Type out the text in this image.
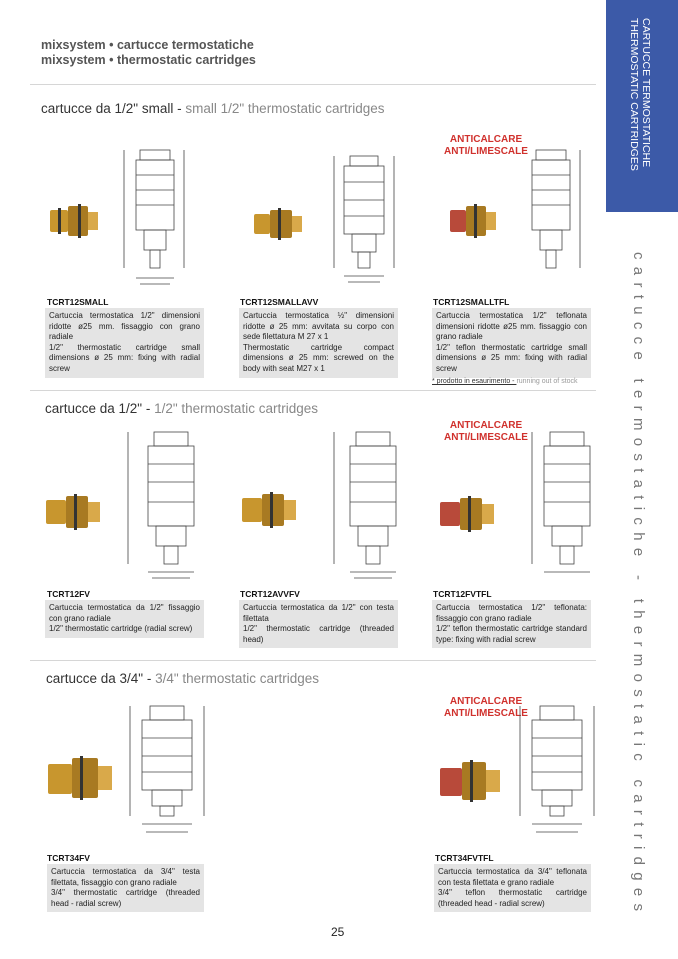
mixsystem • cartucce termostatiche
mixsystem • thermostatic cartridges	CARTUCCE TERMOSTATICHE
THERMOSTATIC CARTRIDGES
cartucce termostatiche - thermostatic cartridges
cartucce da 1/2" small - small 1/2" thermostatic cartridges
cartucce da 1/2" - 1/2" thermostatic cartridges
cartucce da 3/4" - 3/4" thermostatic cartridges
TCRT12SMALL

Cartuccia termostatica 1/2" dimensioni ridotte ø25 mm. fissaggio con grano radiale

1/2" thermostatic cartridge small dimensions ø 25 mm: fixing with radial screw

TCRT12SMALLAVV

Cartuccia termostatica ½" dimensioni ridotte ø 25 mm: avvitata su corpo con sede filettatura M 27 x 1

Thermostatic cartridge compact dimensions ø 25 mm: screwed on the body with seat M27 x 1

ANTICALCARE
ANTI/LIMESCALE
TCRT12SMALLTFL

Cartuccia termostatica 1/2" teflonata dimensioni ridotte ø25 mm. fissaggio con grano radiale

1/2" teflon thermostatic cartridge small dimensions ø 25 mm: fixing with radial screw

* prodotto in esaurimento - running out of stock
TCRT12FV

Cartuccia termostatica da 1/2" fissaggio con grano radiale

1/2" thermostatic cartridge (radial screw)

TCRT12AVVFV

Cartuccia termostatica da 1/2" con testa filettata

1/2" thermostatic cartridge (threaded head)

ANTICALCARE
ANTI/LIMESCALE
TCRT12FVTFL

Cartuccia termostatica 1/2" teflonata: fissaggio con grano radiale

1/2" teflon thermostatic cartridge standard type: fixing with radial screw

TCRT34FV

Cartuccia termostatica da 3/4" testa filettata, fissaggio con grano radiale

3/4" thermostatic cartridge (threaded head - radial screw)

ANTICALCARE
ANTI/LIMESCALE
TCRT34FVTFL

Cartuccia termostatica da 3/4" teflonata con testa filettata e grano radiale

3/4" teflon thermostatic cartridge (threaded head - radial screw)

25
